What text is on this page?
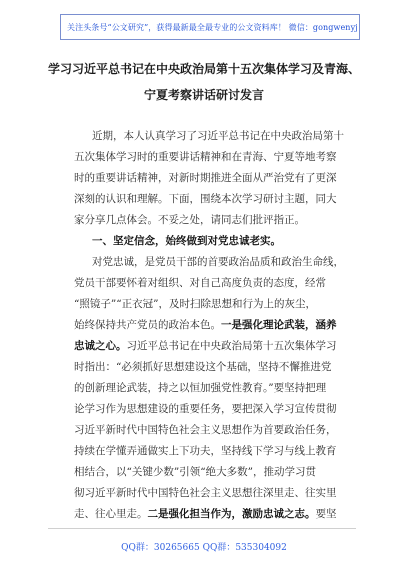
关注头条号“公文研究”，获得最新最全最专业的公文资料库！ 微信：gongwenyj
学习习近平总书记在中央政治局第十五次集体学习及青海、
宁夏考察讲话研讨发言
近期，本人认真学习了习近平总书记在中央政治局第十
五次集体学习时的重要讲话精神和在青海、宁夏等地考察
时的重要讲话精神，对新时期推进全面从严治党有了更深
深刻的认识和理解。下面，围绕本次学习研讨主题，同大
家分享几点体会。不妥之处，请同志们批评指正。
一、坚定信念，始终做到对党忠诚老实。
对党忠诚，是党员干部的首要政治品质和政治生命线，
党员干部要怀着对组织、对自己高度负责的态度，经常
“照镜子”“正衣冠”，及时扫除思想和行为上的灰尘，
始终保持共产党员的政治本色。一是强化理论武装，涵养
忠诚之心。习近平总书记在中央政治局第十五次集体学习
时指出：“必须抓好思想建设这个基础，坚持不懈推进党
的创新理论武装，持之以恒加强党性教育。”要坚持把理
论学习作为思想建设的重要任务，要把深入学习宣传贯彻
习近平新时代中国特色社会主义思想作为首要政治任务，
持续在学懂弄通做实上下功夫，坚持线下学习与线上教育
相结合，以“关键少数”引领“绝大多数”，推动学习贯
彻习近平新时代中国特色社会主义思想往深里走、往实里
走、往心里走。二是强化担当作为，激励忠诚之志。要坚
QQ群：30265665 QQ群：535304092
